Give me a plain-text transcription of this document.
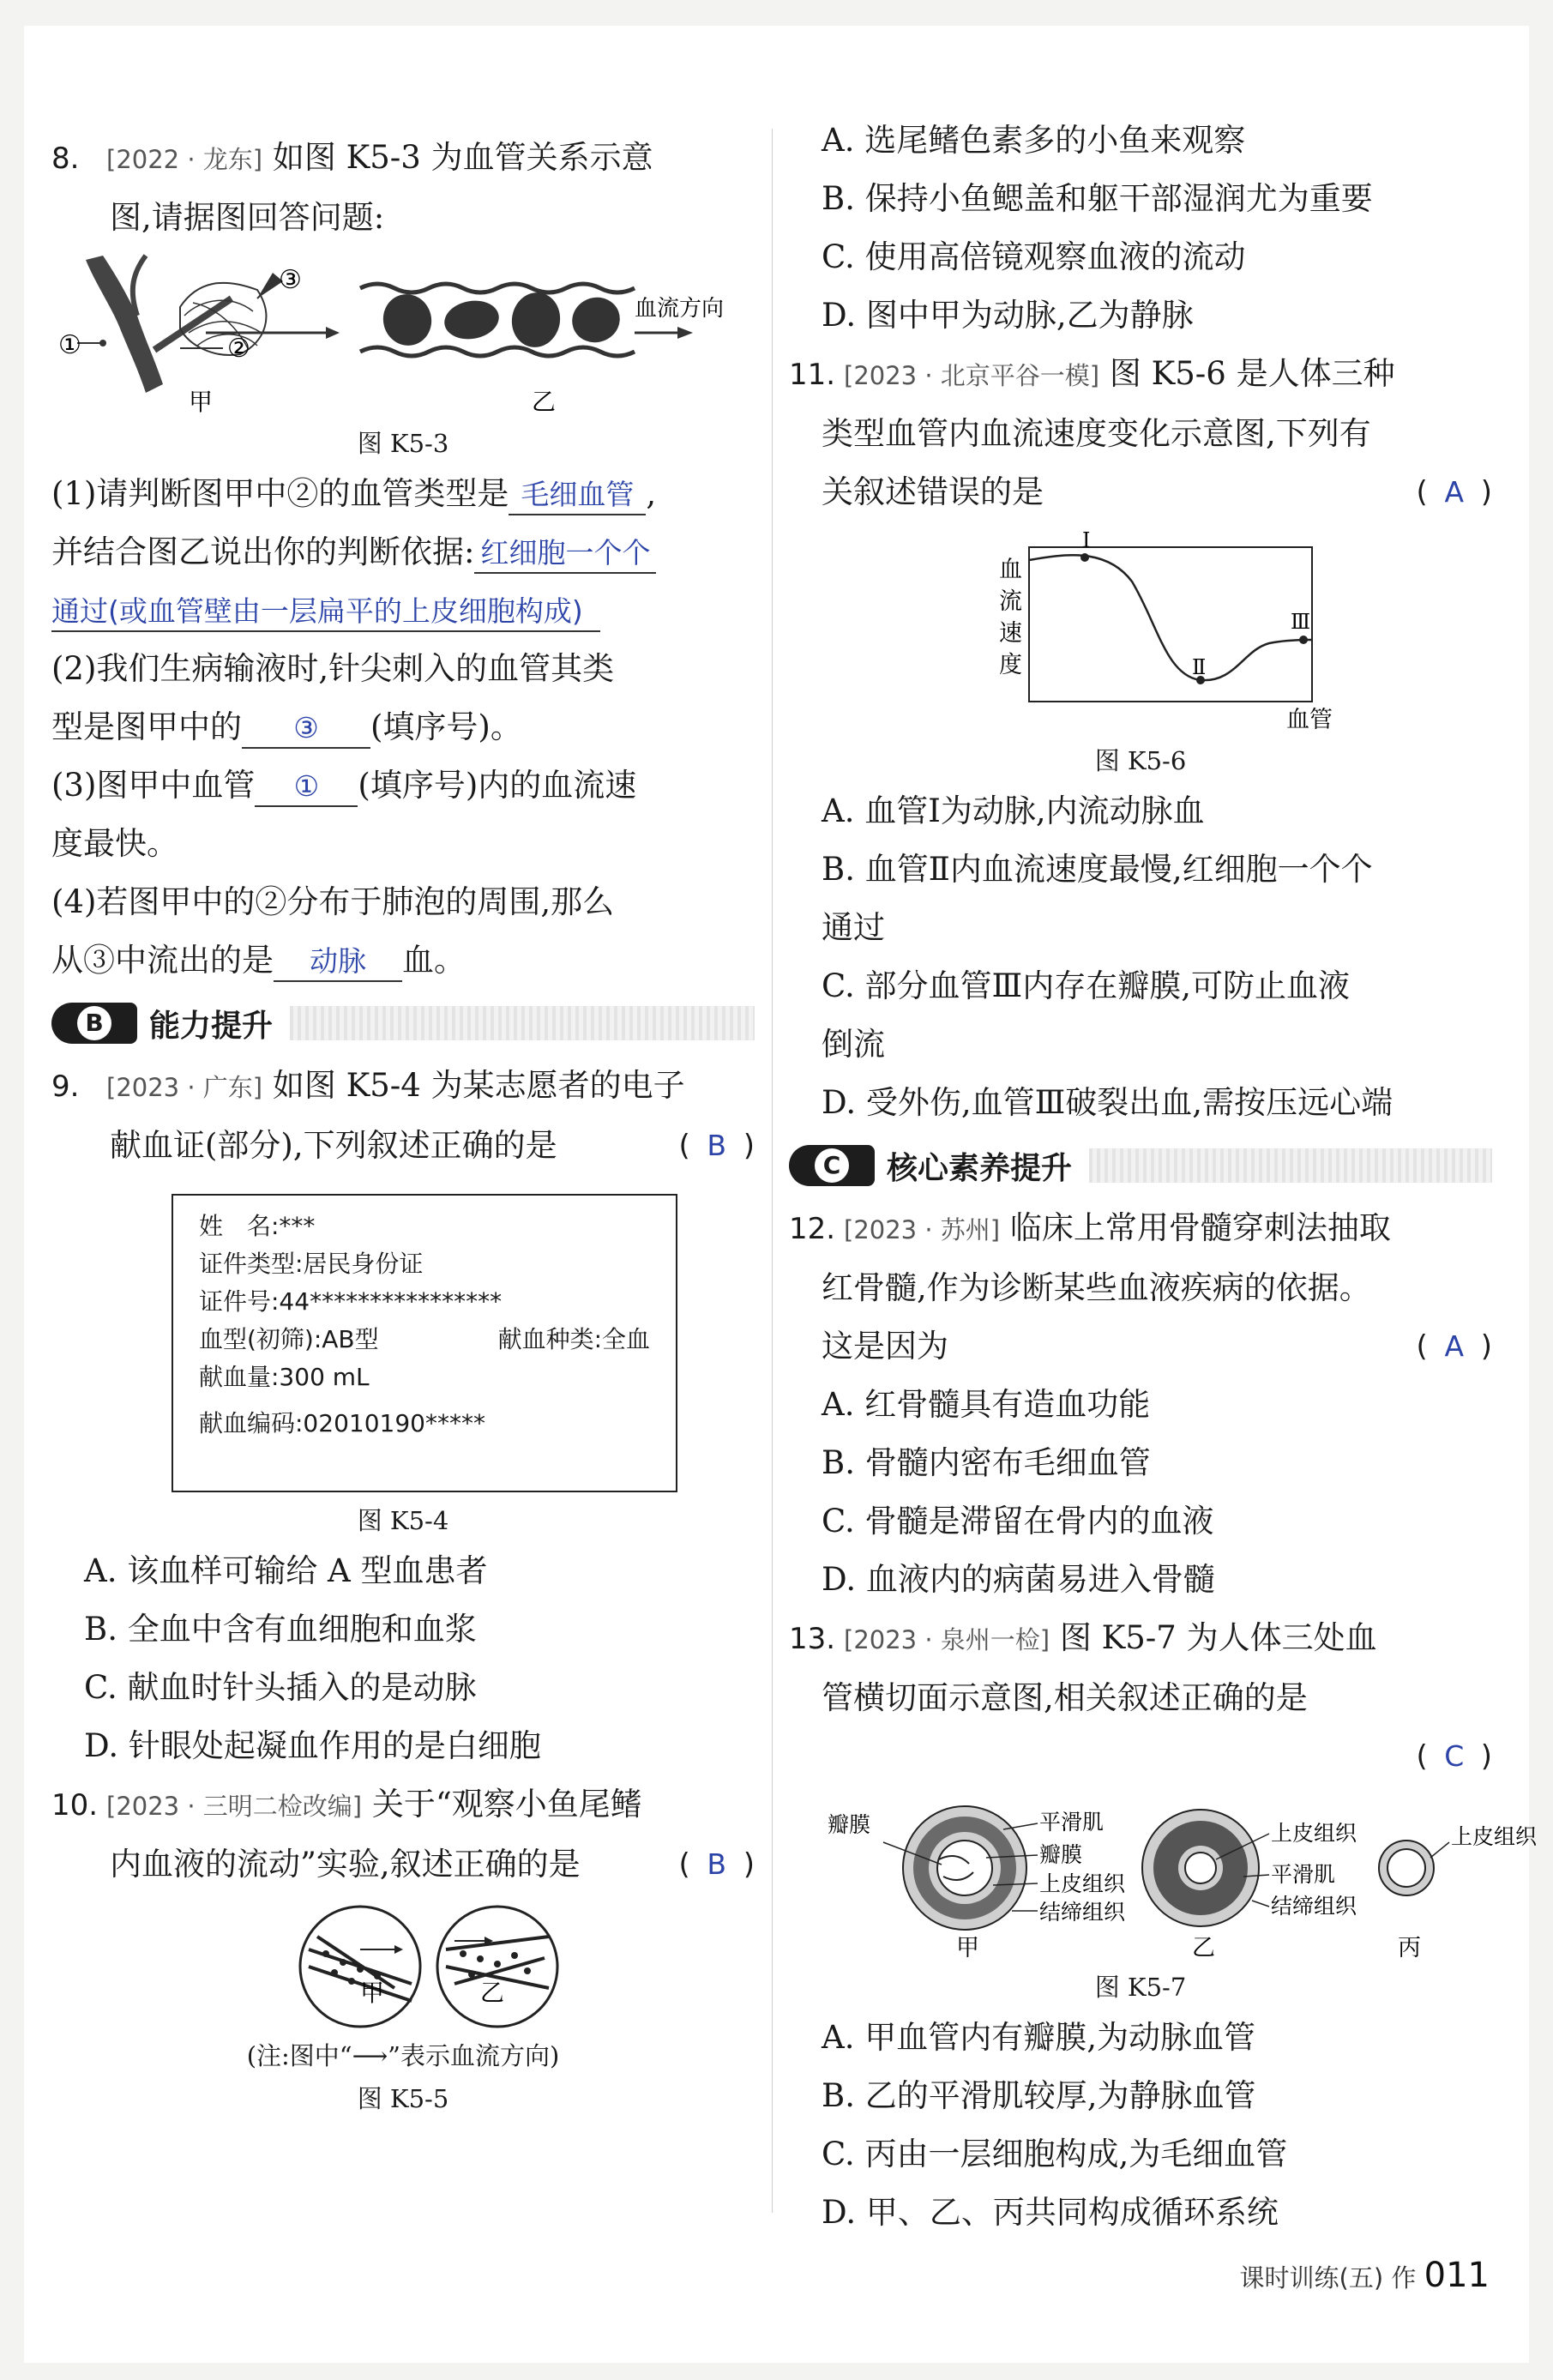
8. [2022 · 龙东] 如图 K5-3 为血管关系示意
图,请据图回答问题:
①	②
③
甲
血流方向
乙
图 K5-3
(1)请判断图甲中②的血管类型是 毛细血管 ,
并结合图乙说出你的判断依据: 红细胞一个个
通过(或血管壁由一层扁平的上皮细胞构成)
(2)我们生病输液时,针尖刺入的血管其类
型是图甲中的 ③ (填序号)。
(3)图甲中血管 ① (填序号)内的血流速
度最快。
(4)若图甲中的②分布于肺泡的周围,那么
从③中流出的是 动脉 血。
B 能力提升
9. [2023 · 广东] 如图 K5-4 为某志愿者的电子
献血证(部分),下列叙述正确的是	( B )
姓　名:***
证件类型:居民身份证
证件号:44****************
血型(初筛):AB型	献血种类:全血
献血量:300 mL
献血编码:02010190*****
图 K5-4
A. 该血样可输给 A 型血患者
B. 全血中含有血细胞和血浆
C. 献血时针头插入的是动脉
D. 针眼处起凝血作用的是白细胞
10. [2023 · 三明二检改编] 关于“观察小鱼尾鳍
内血液的流动”实验,叙述正确的是	( B )
甲	乙
(注:图中“⟶”表示血流方向)
图 K5-5
A. 选尾鳍色素多的小鱼来观察
B. 保持小鱼鳃盖和躯干部湿润尤为重要
C. 使用高倍镜观察血液的流动
D. 图中甲为动脉,乙为静脉
11. [2023 · 北京平谷一模] 图 K5-6 是人体三种
类型血管内血流速度变化示意图,下列有
关叙述错误的是	( A )
Ⅰ
Ⅱ
Ⅲ
血
流
速
度
血管
图 K5-6
A. 血管Ⅰ为动脉,内流动脉血
B. 血管Ⅱ内血流速度最慢,红细胞一个个
通过
C. 部分血管Ⅲ内存在瓣膜,可防止血液
倒流
D. 受外伤,血管Ⅲ破裂出血,需按压远心端
C 核心素养提升
12. [2023 · 苏州] 临床上常用骨髓穿刺法抽取
红骨髓,作为诊断某些血液疾病的依据。
这是因为	( A )
A. 红骨髓具有造血功能
B. 骨髓内密布毛细血管
C. 骨髓是滞留在骨内的血液
D. 血液内的病菌易进入骨髓
13. [2023 · 泉州一检] 图 K5-7 为人体三处血
管横切面示意图,相关叙述正确的是
( C )
瓣膜	平滑肌
瓣膜
上皮组织
结缔组织
甲
上皮组织
平滑肌
结缔组织
乙
上皮组织
丙
图 K5-7
A. 甲血管内有瓣膜,为动脉血管
B. 乙的平滑肌较厚,为静脉血管
C. 丙由一层细胞构成,为毛细血管
D. 甲、乙、丙共同构成循环系统
课时训练(五) 作 011
